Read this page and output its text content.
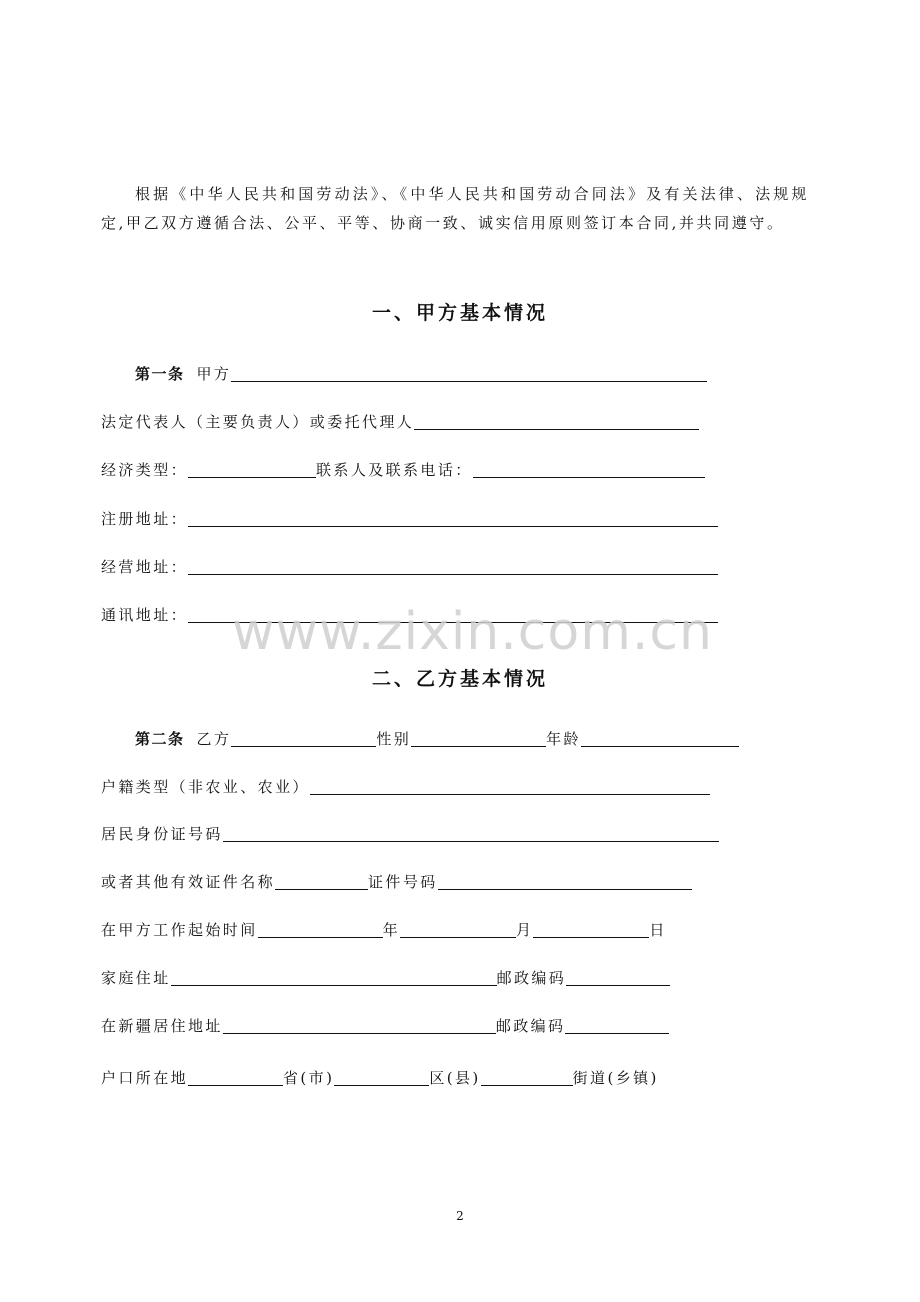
根据《中华人民共和国劳动法》、《中华人民共和国劳动合同法》及有关法律、法规规定,甲乙双方遵循合法、公平、平等、协商一致、诚实信用原则签订本合同,并共同遵守。

一、甲方基本情况
第一条 甲方
法定代表人（主要负责人）或委托代理人
经济类型：	联系人及联系电话：
注册地址：
经营地址：
通讯地址： www.zixin.com.cn
二、乙方基本情况
第二条 乙方	性别	年龄
户籍类型（非农业、农业）
居民身份证号码
或者其他有效证件名称	证件号码
在甲方工作起始时间	年	月	日
家庭住址	邮政编码
在新疆居住地址	邮政编码
户口所在地	省(市)	区(县)	街道(乡镇)
2
